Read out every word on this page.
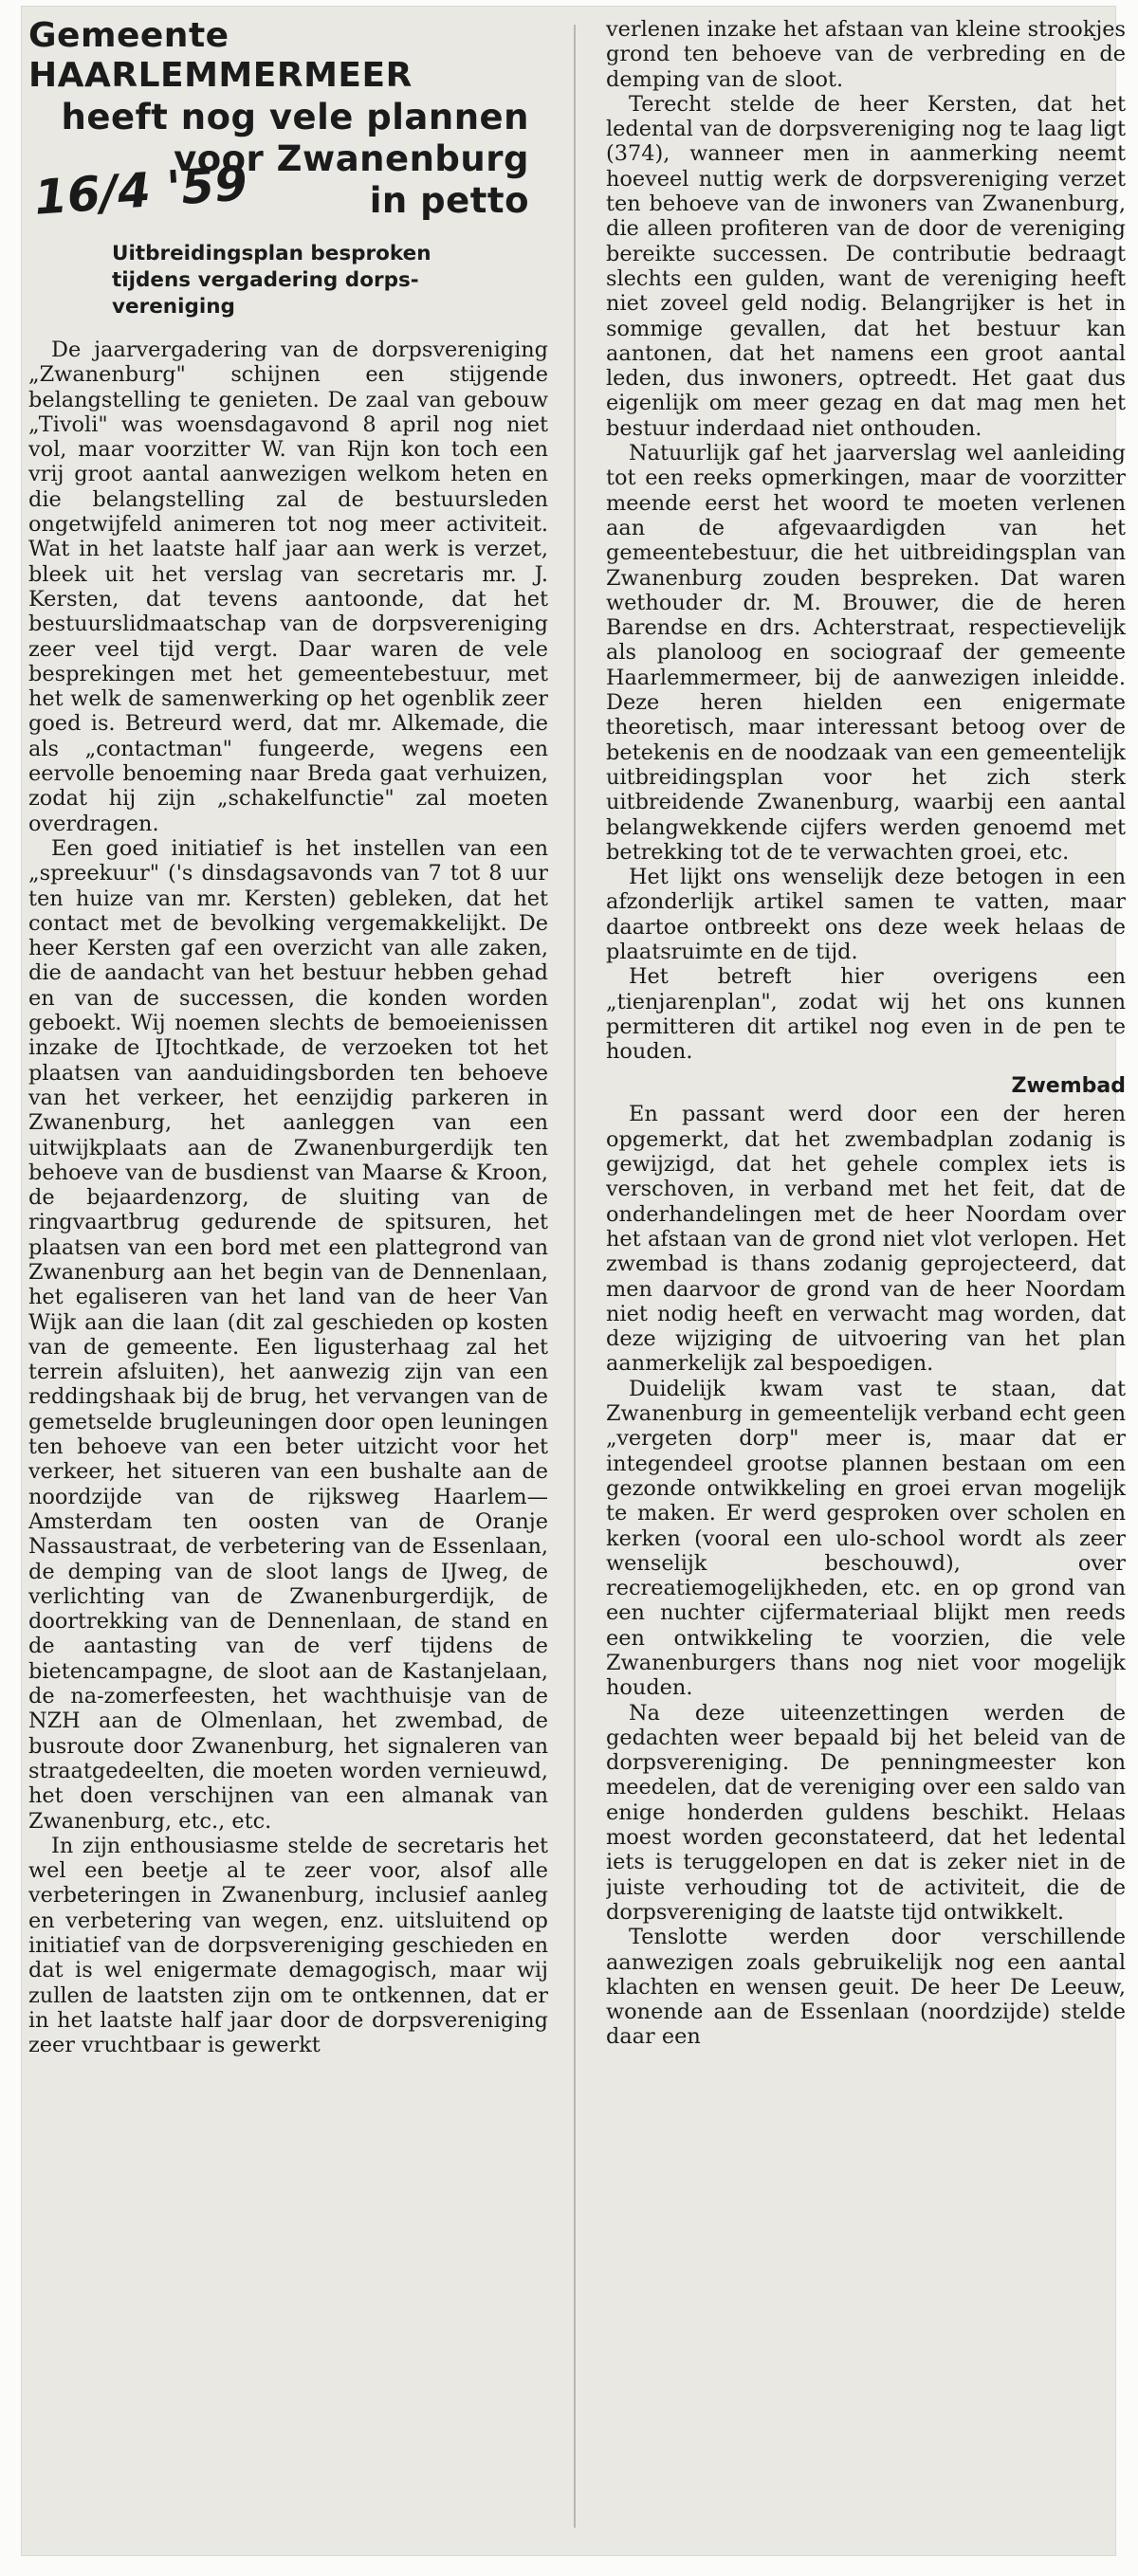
Gemeente
HAARLEMMERMEER
heeft nog vele plannen
voor Zwanenburg
in petto
16/4 '59
Uitbreidingsplan besproken tijdens vergadering dorps-vereniging

De jaarvergadering van de dorpsvereniging „Zwanenburg" schijnen een stijgende belangstelling te genieten. De zaal van gebouw „Tivoli" was woensdagavond 8 april nog niet vol, maar voorzitter W. van Rijn kon toch een vrij groot aantal aanwezigen welkom heten en die belangstelling zal de bestuursleden ongetwijfeld animeren tot nog meer activiteit. Wat in het laatste half jaar aan werk is verzet, bleek uit het verslag van secretaris mr. J. Kersten, dat tevens aantoonde, dat het bestuurslidmaatschap van de dorpsvereniging zeer veel tijd vergt. Daar waren de vele besprekingen met het gemeentebestuur, met het welk de samenwerking op het ogenblik zeer goed is. Betreurd werd, dat mr. Alkemade, die als „contactman" fungeerde, wegens een eervolle benoeming naar Breda gaat verhuizen, zodat hij zijn „schakelfunctie" zal moeten overdragen.

Een goed initiatief is het instellen van een „spreekuur" ('s dinsdagsavonds van 7 tot 8 uur ten huize van mr. Kersten) gebleken, dat het contact met de bevolking vergemakkelijkt. De heer Kersten gaf een overzicht van alle zaken, die de aandacht van het bestuur hebben gehad en van de successen, die konden worden geboekt. Wij noemen slechts de bemoeienissen inzake de IJtochtkade, de verzoeken tot het plaatsen van aanduidingsborden ten behoeve van het verkeer, het eenzijdig parkeren in Zwanenburg, het aanleggen van een uitwijkplaats aan de Zwanenburgerdijk ten behoeve van de busdienst van Maarse & Kroon, de bejaardenzorg, de sluiting van de ringvaartbrug gedurende de spitsuren, het plaatsen van een bord met een plattegrond van Zwanenburg aan het begin van de Dennenlaan, het egaliseren van het land van de heer Van Wijk aan die laan (dit zal geschieden op kosten van de gemeente. Een ligusterhaag zal het terrein afsluiten), het aanwezig zijn van een reddingshaak bij de brug, het vervangen van de gemetselde brugleuningen door open leuningen ten behoeve van een beter uitzicht voor het verkeer, het situeren van een bushalte aan de noordzijde van de rijksweg Haarlem—Amsterdam ten oosten van de Oranje Nassaustraat, de verbetering van de Essenlaan, de demping van de sloot langs de IJweg, de verlichting van de Zwanenburgerdijk, de doortrekking van de Dennenlaan, de stand en de aantasting van de verf tijdens de bietencampagne, de sloot aan de Kastanjelaan, de na-zomerfeesten, het wachthuisje van de NZH aan de Olmenlaan, het zwembad, de busroute door Zwanenburg, het signaleren van straatgedeelten, die moeten worden vernieuwd, het doen verschijnen van een almanak van Zwanenburg, etc., etc.

In zijn enthousiasme stelde de secretaris het wel een beetje al te zeer voor, alsof alle verbeteringen in Zwanenburg, inclusief aanleg en verbetering van wegen, enz. uitsluitend op initiatief van de dorpsvereniging geschieden en dat is wel enigermate demagogisch, maar wij zullen de laatsten zijn om te ontkennen, dat er in het laatste half jaar door de dorpsvereniging zeer vruchtbaar is gewerkt

verlenen inzake het afstaan van kleine strookjes grond ten behoeve van de verbreding en de demping van de sloot.

Terecht stelde de heer Kersten, dat het ledental van de dorpsvereniging nog te laag ligt (374), wanneer men in aanmerking neemt hoeveel nuttig werk de dorpsvereniging verzet ten behoeve van de inwoners van Zwanenburg, die alleen profiteren van de door de vereniging bereikte successen. De contributie bedraagt slechts een gulden, want de vereniging heeft niet zoveel geld nodig. Belangrijker is het in sommige gevallen, dat het bestuur kan aantonen, dat het namens een groot aantal leden, dus inwoners, optreedt. Het gaat dus eigenlijk om meer gezag en dat mag men het bestuur inderdaad niet onthouden.

Natuurlijk gaf het jaarverslag wel aanleiding tot een reeks opmerkingen, maar de voorzitter meende eerst het woord te moeten verlenen aan de afgevaardigden van het gemeentebestuur, die het uitbreidingsplan van Zwanenburg zouden bespreken. Dat waren wethouder dr. M. Brouwer, die de heren Barendse en drs. Achterstraat, respectievelijk als planoloog en sociograaf der gemeente Haarlemmermeer, bij de aanwezigen inleidde. Deze heren hielden een enigermate theoretisch, maar interessant betoog over de betekenis en de noodzaak van een gemeentelijk uitbreidingsplan voor het zich sterk uitbreidende Zwanenburg, waarbij een aantal belangwekkende cijfers werden genoemd met betrekking tot de te verwachten groei, etc.

Het lijkt ons wenselijk deze betogen in een afzonderlijk artikel samen te vatten, maar daartoe ontbreekt ons deze week helaas de plaatsruimte en de tijd.

Het betreft hier overigens een „tienjarenplan", zodat wij het ons kunnen permitteren dit artikel nog even in de pen te houden.

Zwembad

En passant werd door een der heren opgemerkt, dat het zwembadplan zodanig is gewijzigd, dat het gehele complex iets is verschoven, in verband met het feit, dat de onderhandelingen met de heer Noordam over het afstaan van de grond niet vlot verlopen. Het zwembad is thans zodanig geprojecteerd, dat men daarvoor de grond van de heer Noordam niet nodig heeft en verwacht mag worden, dat deze wijziging de uitvoering van het plan aanmerkelijk zal bespoedigen.

Duidelijk kwam vast te staan, dat Zwanenburg in gemeentelijk verband echt geen „vergeten dorp" meer is, maar dat er integendeel grootse plannen bestaan om een gezonde ontwikkeling en groei ervan mogelijk te maken. Er werd gesproken over scholen en kerken (vooral een ulo-school wordt als zeer wenselijk beschouwd), over recreatiemogelijkheden, etc. en op grond van een nuchter cijfermateriaal blijkt men reeds een ontwikkeling te voorzien, die vele Zwanenburgers thans nog niet voor mogelijk houden.

Na deze uiteenzettingen werden de gedachten weer bepaald bij het beleid van de dorpsvereniging. De penningmeester kon meedelen, dat de vereniging over een saldo van enige honderden guldens beschikt. Helaas moest worden geconstateerd, dat het ledental iets is teruggelopen en dat is zeker niet in de juiste verhouding tot de activiteit, die de dorpsvereniging de laatste tijd ontwikkelt.

Tenslotte werden door verschillende aanwezigen zoals gebruikelijk nog een aantal klachten en wensen geuit. De heer De Leeuw, wonende aan de Essenlaan (noordzijde) stelde daar een
